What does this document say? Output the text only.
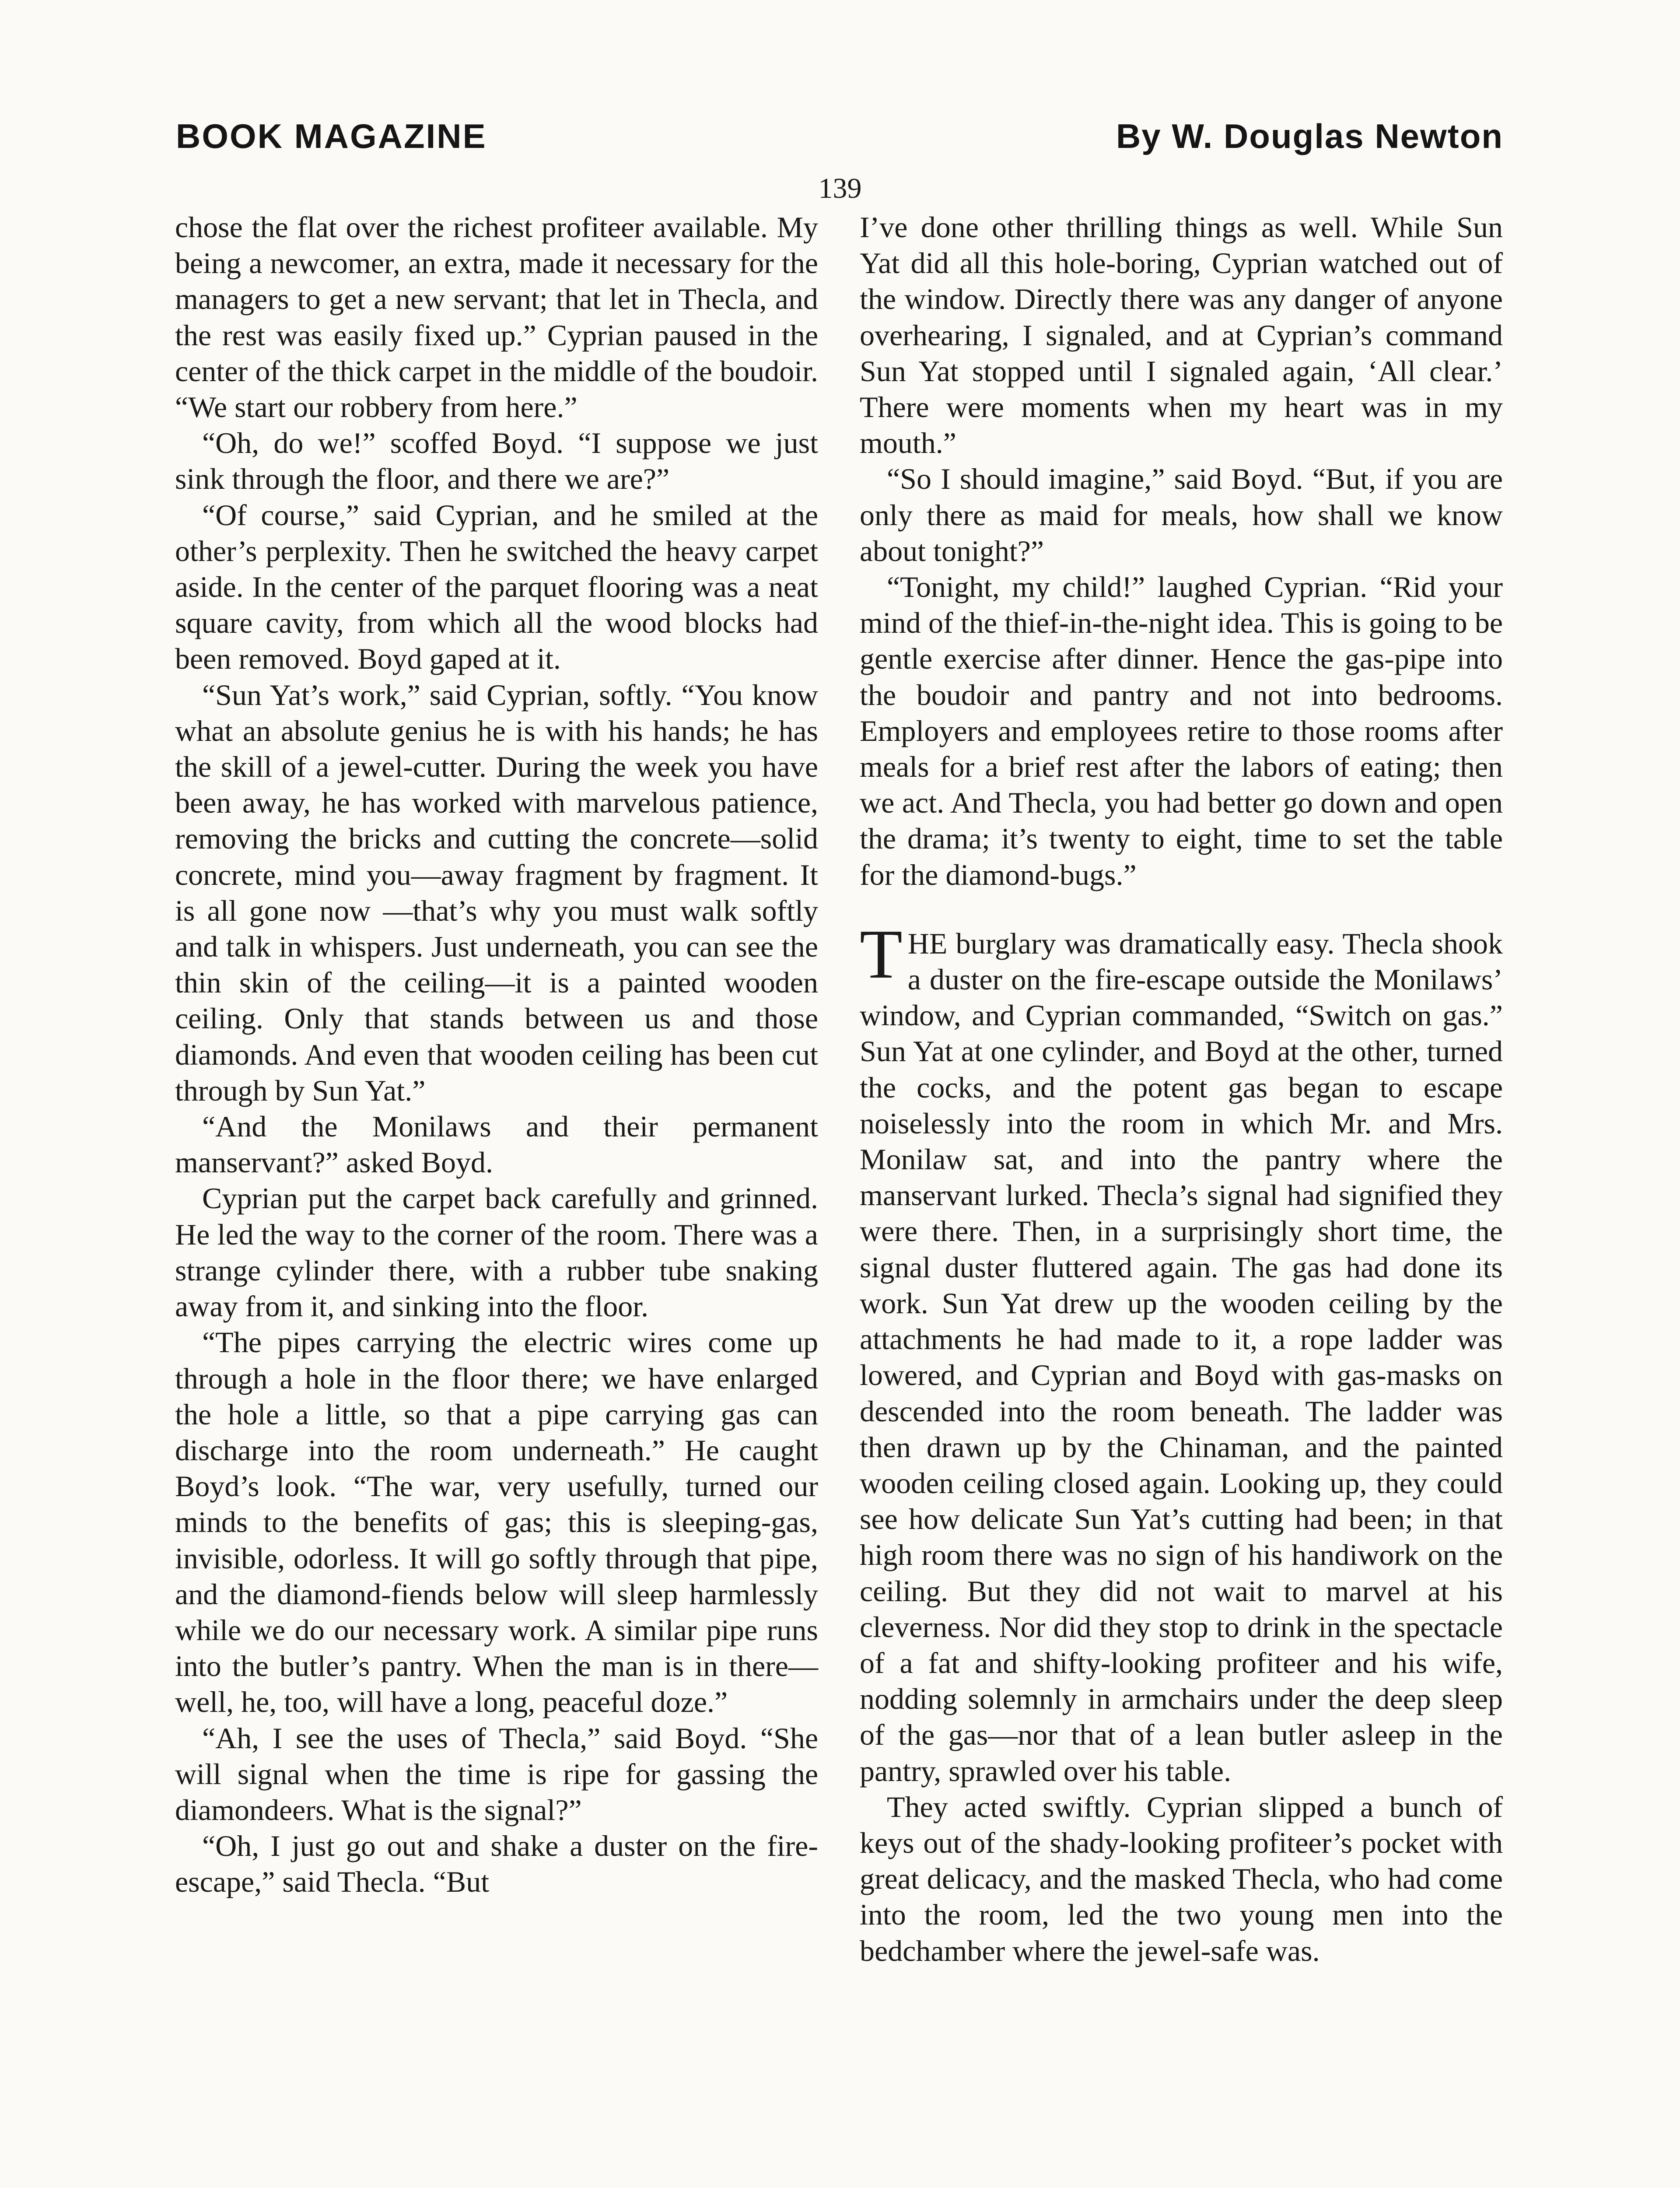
BOOK MAGAZINE	By W. Douglas Newton
139

chose the flat over the richest profiteer available. My being a newcomer, an extra, made it necessary for the managers to get a new servant; that let in Thecla, and the rest was easily fixed up.” Cyprian paused in the center of the thick carpet in the middle of the boudoir. “We start our robbery from here.”

“Oh, do we!” scoffed Boyd. “I suppose we just sink through the floor, and there we are?”

“Of course,” said Cyprian, and he smiled at the other’s perplexity. Then he switched the heavy carpet aside. In the center of the parquet flooring was a neat square cavity, from which all the wood blocks had been removed. Boyd gaped at it.

“Sun Yat’s work,” said Cyprian, softly. “You know what an absolute genius he is with his hands; he has the skill of a jewel-cutter. During the week you have been away, he has worked with marvelous patience, removing the bricks and cutting the concrete—solid concrete, mind you—away fragment by fragment. It is all gone now —that’s why you must walk softly and talk in whispers. Just underneath, you can see the thin skin of the ceiling—it is a painted wooden ceiling. Only that stands between us and those diamonds. And even that wooden ceiling has been cut through by Sun Yat.”

“And the Monilaws and their permanent manservant?” asked Boyd.

Cyprian put the carpet back carefully and grinned. He led the way to the corner of the room. There was a strange cylinder there, with a rubber tube snaking away from it, and sinking into the floor.

“The pipes carrying the electric wires come up through a hole in the floor there; we have enlarged the hole a little, so that a pipe carrying gas can discharge into the room underneath.” He caught Boyd’s look. “The war, very usefully, turned our minds to the benefits of gas; this is sleeping-gas, invisible, odorless. It will go softly through that pipe, and the diamond-fiends below will sleep harmlessly while we do our necessary work. A similar pipe runs into the butler’s pantry. When the man is in there—well, he, too, will have a long, peaceful doze.”

“Ah, I see the uses of Thecla,” said Boyd. “She will signal when the time is ripe for gassing the diamondeers. What is the signal?”

“Oh, I just go out and shake a duster on the fire-escape,” said Thecla. “But

I’ve done other thrilling things as well. While Sun Yat did all this hole-boring, Cyprian watched out of the window. Directly there was any danger of anyone overhearing, I signaled, and at Cyprian’s command Sun Yat stopped until I signaled again, ‘All clear.’ There were moments when my heart was in my mouth.”

“So I should imagine,” said Boyd. “But, if you are only there as maid for meals, how shall we know about tonight?”

“Tonight, my child!” laughed Cyprian. “Rid your mind of the thief-in-the-night idea. This is going to be gentle exercise after dinner. Hence the gas-pipe into the boudoir and pantry and not into bedrooms. Employers and employees retire to those rooms after meals for a brief rest after the labors of eating; then we act. And Thecla, you had better go down and open the drama; it’s twenty to eight, time to set the table for the diamond-bugs.”

THE burglary was dramatically easy. Thecla shook a duster on the fire-escape outside the Monilaws’ window, and Cyprian commanded, “Switch on gas.” Sun Yat at one cylinder, and Boyd at the other, turned the cocks, and the potent gas began to escape noiselessly into the room in which Mr. and Mrs. Monilaw sat, and into the pantry where the manservant lurked. Thecla’s signal had signified they were there. Then, in a surprisingly short time, the signal duster fluttered again. The gas had done its work. Sun Yat drew up the wooden ceiling by the attachments he had made to it, a rope ladder was lowered, and Cyprian and Boyd with gas-masks on descended into the room beneath. The ladder was then drawn up by the Chinaman, and the painted wooden ceiling closed again. Looking up, they could see how delicate Sun Yat’s cutting had been; in that high room there was no sign of his handiwork on the ceiling. But they did not wait to marvel at his cleverness. Nor did they stop to drink in the spectacle of a fat and shifty-looking profiteer and his wife, nodding solemnly in armchairs under the deep sleep of the gas—nor that of a lean butler asleep in the pantry, sprawled over his table.

They acted swiftly. Cyprian slipped a bunch of keys out of the shady-looking profiteer’s pocket with great delicacy, and the masked Thecla, who had come into the room, led the two young men into the bedchamber where the jewel-safe was.
